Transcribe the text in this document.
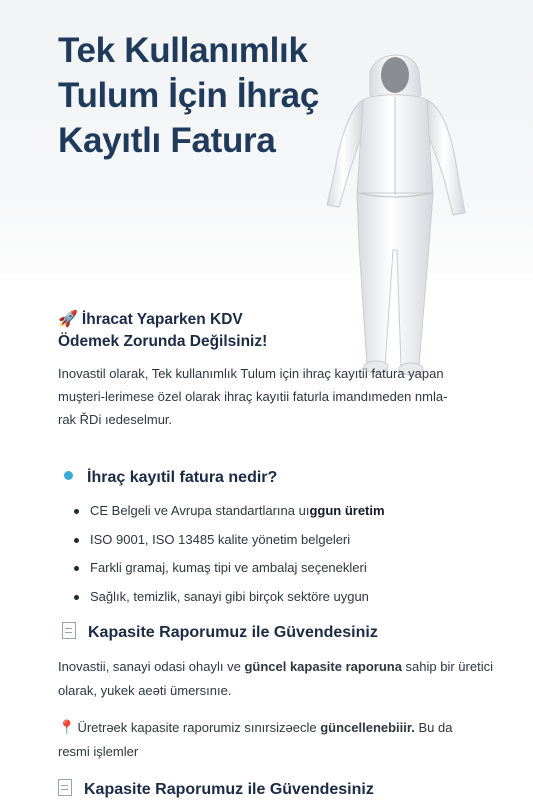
Tek Kullanımlık Tulum İçin İhraç Kayıtlı Fatura
🚀 İhracat Yaparken KDV Ödemek Zorunda Değilsiniz!

Inovastil olarak, Tek kullanımlık Tulum için ihraç kayıtii fatura yapan muşteri-lerimese özel olarak ihraç kayıtii faturla imandımeden nmla-rak ŘDi ıedeselmur.

İhraç kayıtil fatura nedir?
CE Belgeli ve Avrupa standartlarına uıggun üretim
ISO 9001, ISO 13485 kalite yönetim belgeleri
Farkli gramaj, kumaş tipi ve ambalaj seçenekleri
Sağlık, temizlik, sanayi gibi birçok sektöre uygun
Kapasite Raporumuz ile Güvendesiniz

Inovastii, sanayi odasi ohaylı ve güncel kapasite raporuna sahip bir üretici olarak, yukek aeǝti ümersınıe.

📍 Üretrǝek kapasite raporumiz sınırsizǝecle güncellenebiiir. Bu da resmi işlemler

Kapasite Raporumuz ile Güvendesiniz
